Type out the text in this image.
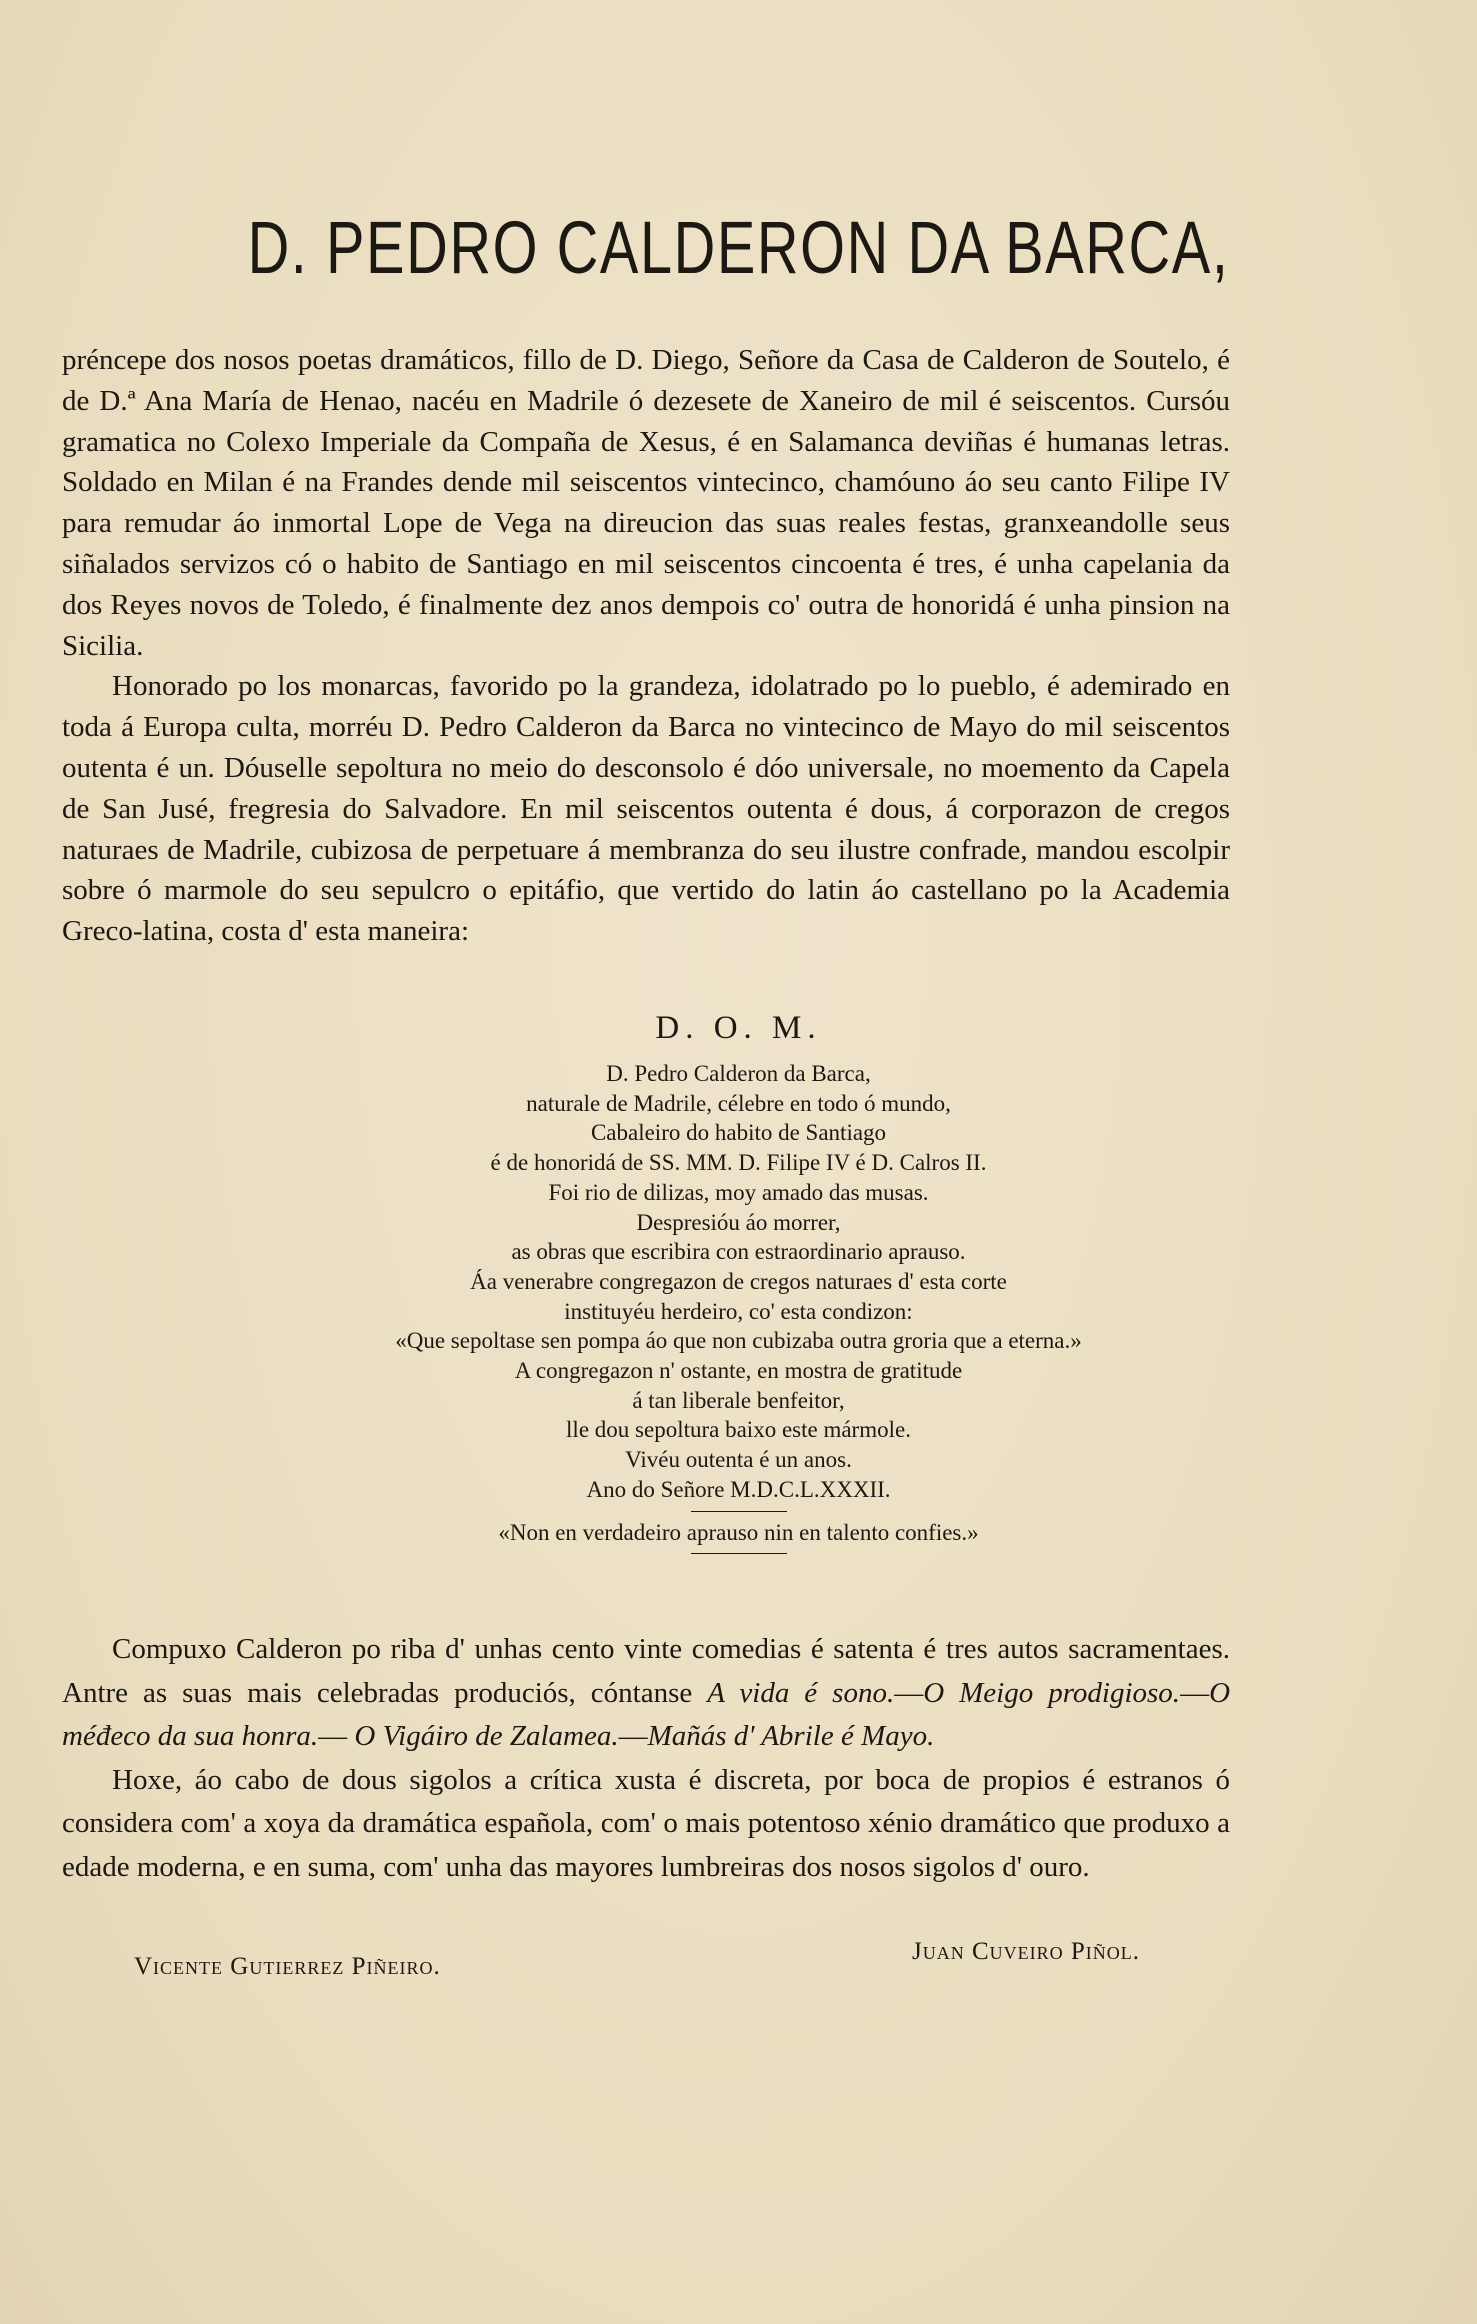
D. PEDRO CALDERON DA BARCA,

préncepe dos nosos poetas dramáticos, fillo de D. Diego, Señore da Casa de Calderon de Soutelo, é de D.ª Ana María de Henao, nacéu en Madrile ó dezesete de Xaneiro de mil é seiscentos. Cursóu gramatica no Colexo Imperiale da Compaña de Xesus, é en Salamanca deviñas é humanas letras. Soldado en Milan é na Frandes dende mil seiscentos vintecinco, chamóuno áo seu canto Filipe IV para remudar áo inmortal Lope de Vega na direucion das suas reales festas, granxeandolle seus siñalados servizos có o habito de Santiago en mil seiscentos cincoenta é tres, é unha capelania da dos Reyes novos de Toledo, é finalmente dez anos dempois co' outra de honoridá é unha pinsion na Sicilia.

Honorado po los monarcas, favorido po la grandeza, idolatrado po lo pueblo, é ademirado en toda á Europa culta, morréu D. Pedro Calderon da Barca no vintecinco de Mayo do mil seiscentos outenta é un. Dóuselle sepoltura no meio do desconsolo é dóo universale, no moemento da Capela de San Jusé, fregresia do Salvadore. En mil seiscentos outenta é dous, á corporazon de cregos naturaes de Madrile, cubizosa de perpetuare á membranza do seu ilustre confrade, mandou escolpir sobre ó marmole do seu sepulcro o epitáfio, que vertido do latin áo castellano po la Academia Greco-latina, costa d' esta maneira:

D. O. M.
D. Pedro Calderon da Barca,
naturale de Madrile, célebre en todo ó mundo,
Cabaleiro do habito de Santiago
é de honoridá de SS. MM. D. Filipe IV é D. Calros II.
Foi rio de dilizas, moy amado das musas.
Despresióu áo morrer,
as obras que escribira con estraordinario aprauso.
Áa venerabre congregazon de cregos naturaes d' esta corte
instituyéu herdeiro, co' esta condizon:
«Que sepoltase sen pompa áo que non cubizaba outra groria que a eterna.»
A congregazon n' ostante, en mostra de gratitude
á tan liberale benfeitor,
lle dou sepoltura baixo este mármole.
Vivéu outenta é un anos.
Ano do Señore M.D.C.L.XXXII.
«Non en verdadeiro aprauso nin en talento confies.»

Compuxo Calderon po riba d' unhas cento vinte comedias é satenta é tres autos sacramentaes. Antre as suas mais celebradas produciós, cóntanse A vida é sono.—O Meigo prodigioso.—O méđeco da sua honra.— O Vigáiro de Zalamea.—Mañás d' Abrile é Mayo.

Hoxe, áo cabo de dous sigolos a crítica xusta é discreta, por boca de propios é estranos ó considera com' a xoya da dramática española, com' o mais potentoso xénio dramático que produxo a edade moderna, e en suma, com' unha das mayores lumbreiras dos nosos sigolos d' ouro.

Vicente Gutierrez Piñeiro.
Juan Cuveiro Piñol.
